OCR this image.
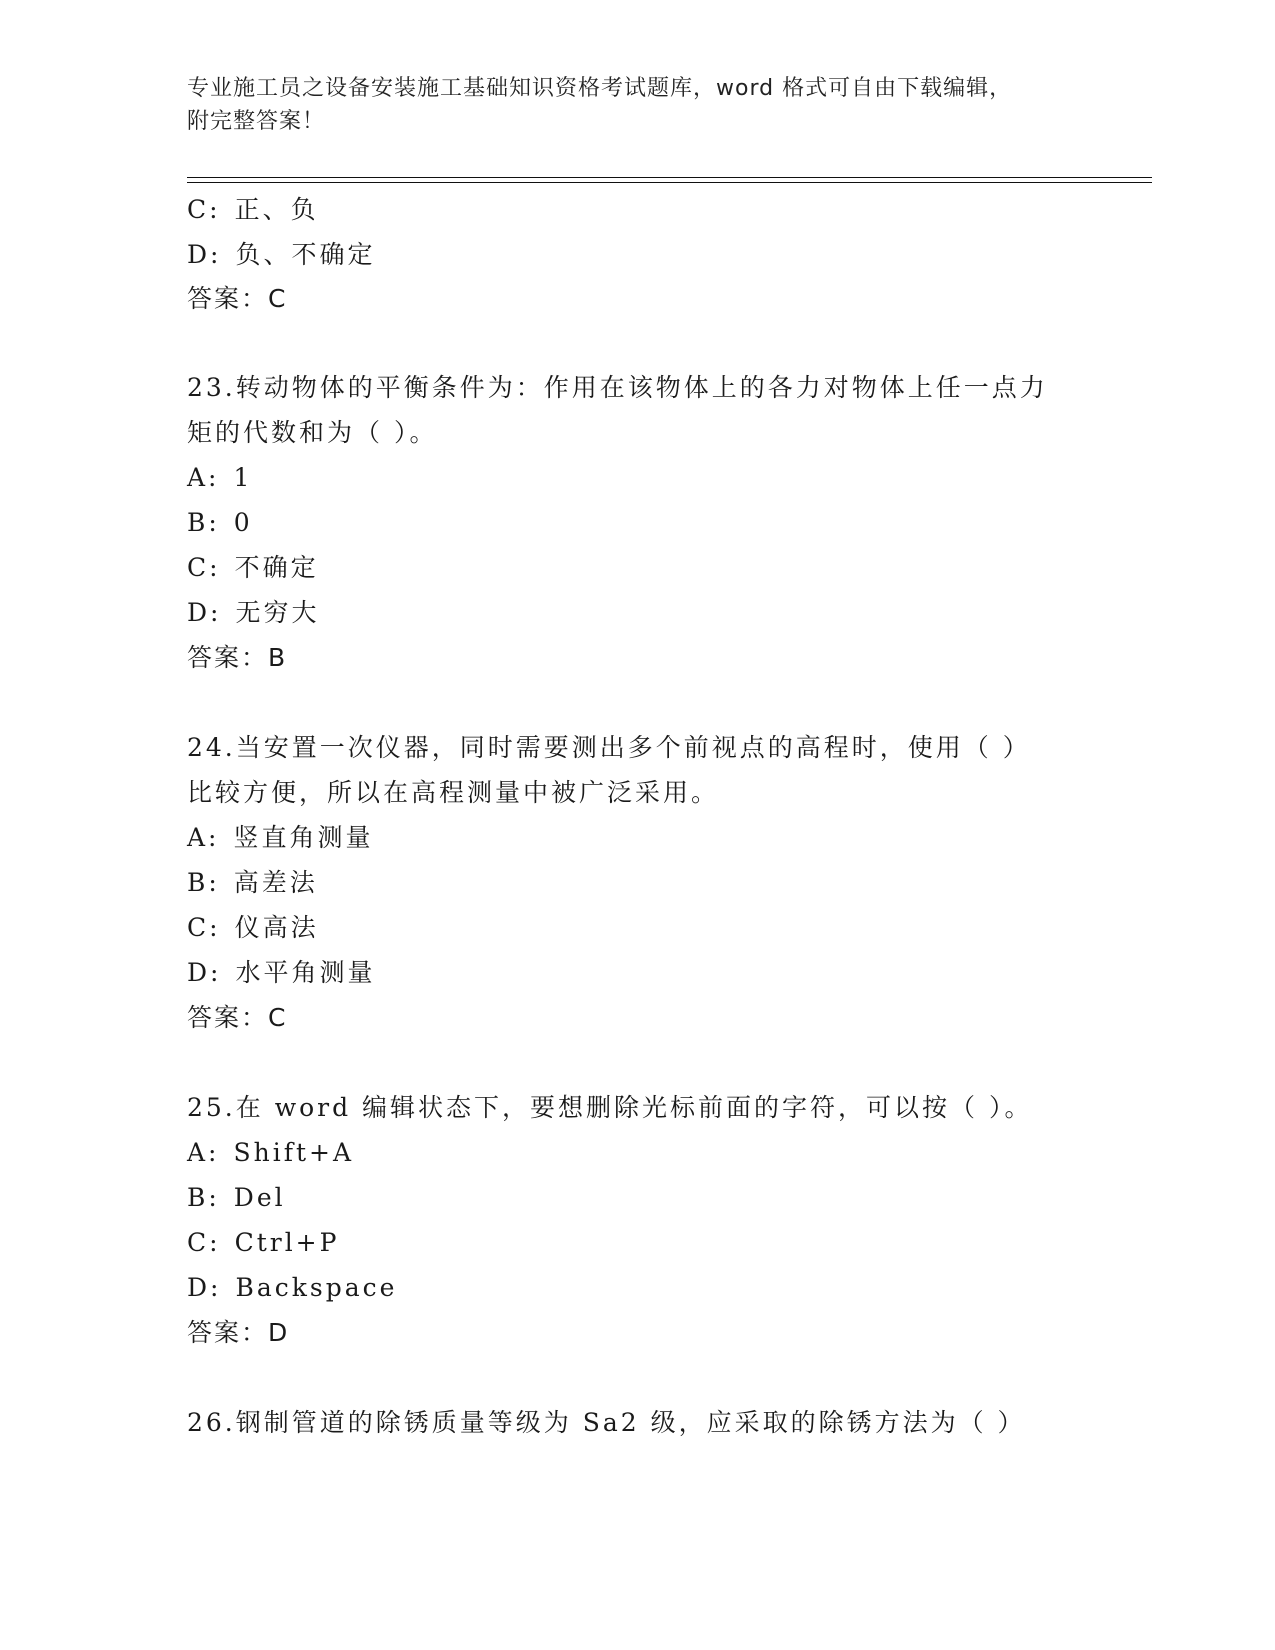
专业施工员之设备安装施工基础知识资格考试题库，word 格式可自由下载编辑，
附完整答案！
C: 正、负
D: 负、不确定
答案：C
23.转动物体的平衡条件为：作用在该物体上的各力对物体上任一点力
矩的代数和为（ ）。
A: 1
B: 0
C: 不确定
D: 无穷大
答案：B
24.当安置一次仪器，同时需要测出多个前视点的高程时，使用（ ）
比较方便，所以在高程测量中被广泛采用。
A: 竖直角测量
B: 高差法
C: 仪高法
D: 水平角测量
答案：C
25.在 word 编辑状态下，要想删除光标前面的字符，可以按（ ）。
A: Shift+A
B: Del
C: Ctrl+P
D: Backspace
答案：D
26.钢制管道的除锈质量等级为 Sa2 级，应采取的除锈方法为（ ）
